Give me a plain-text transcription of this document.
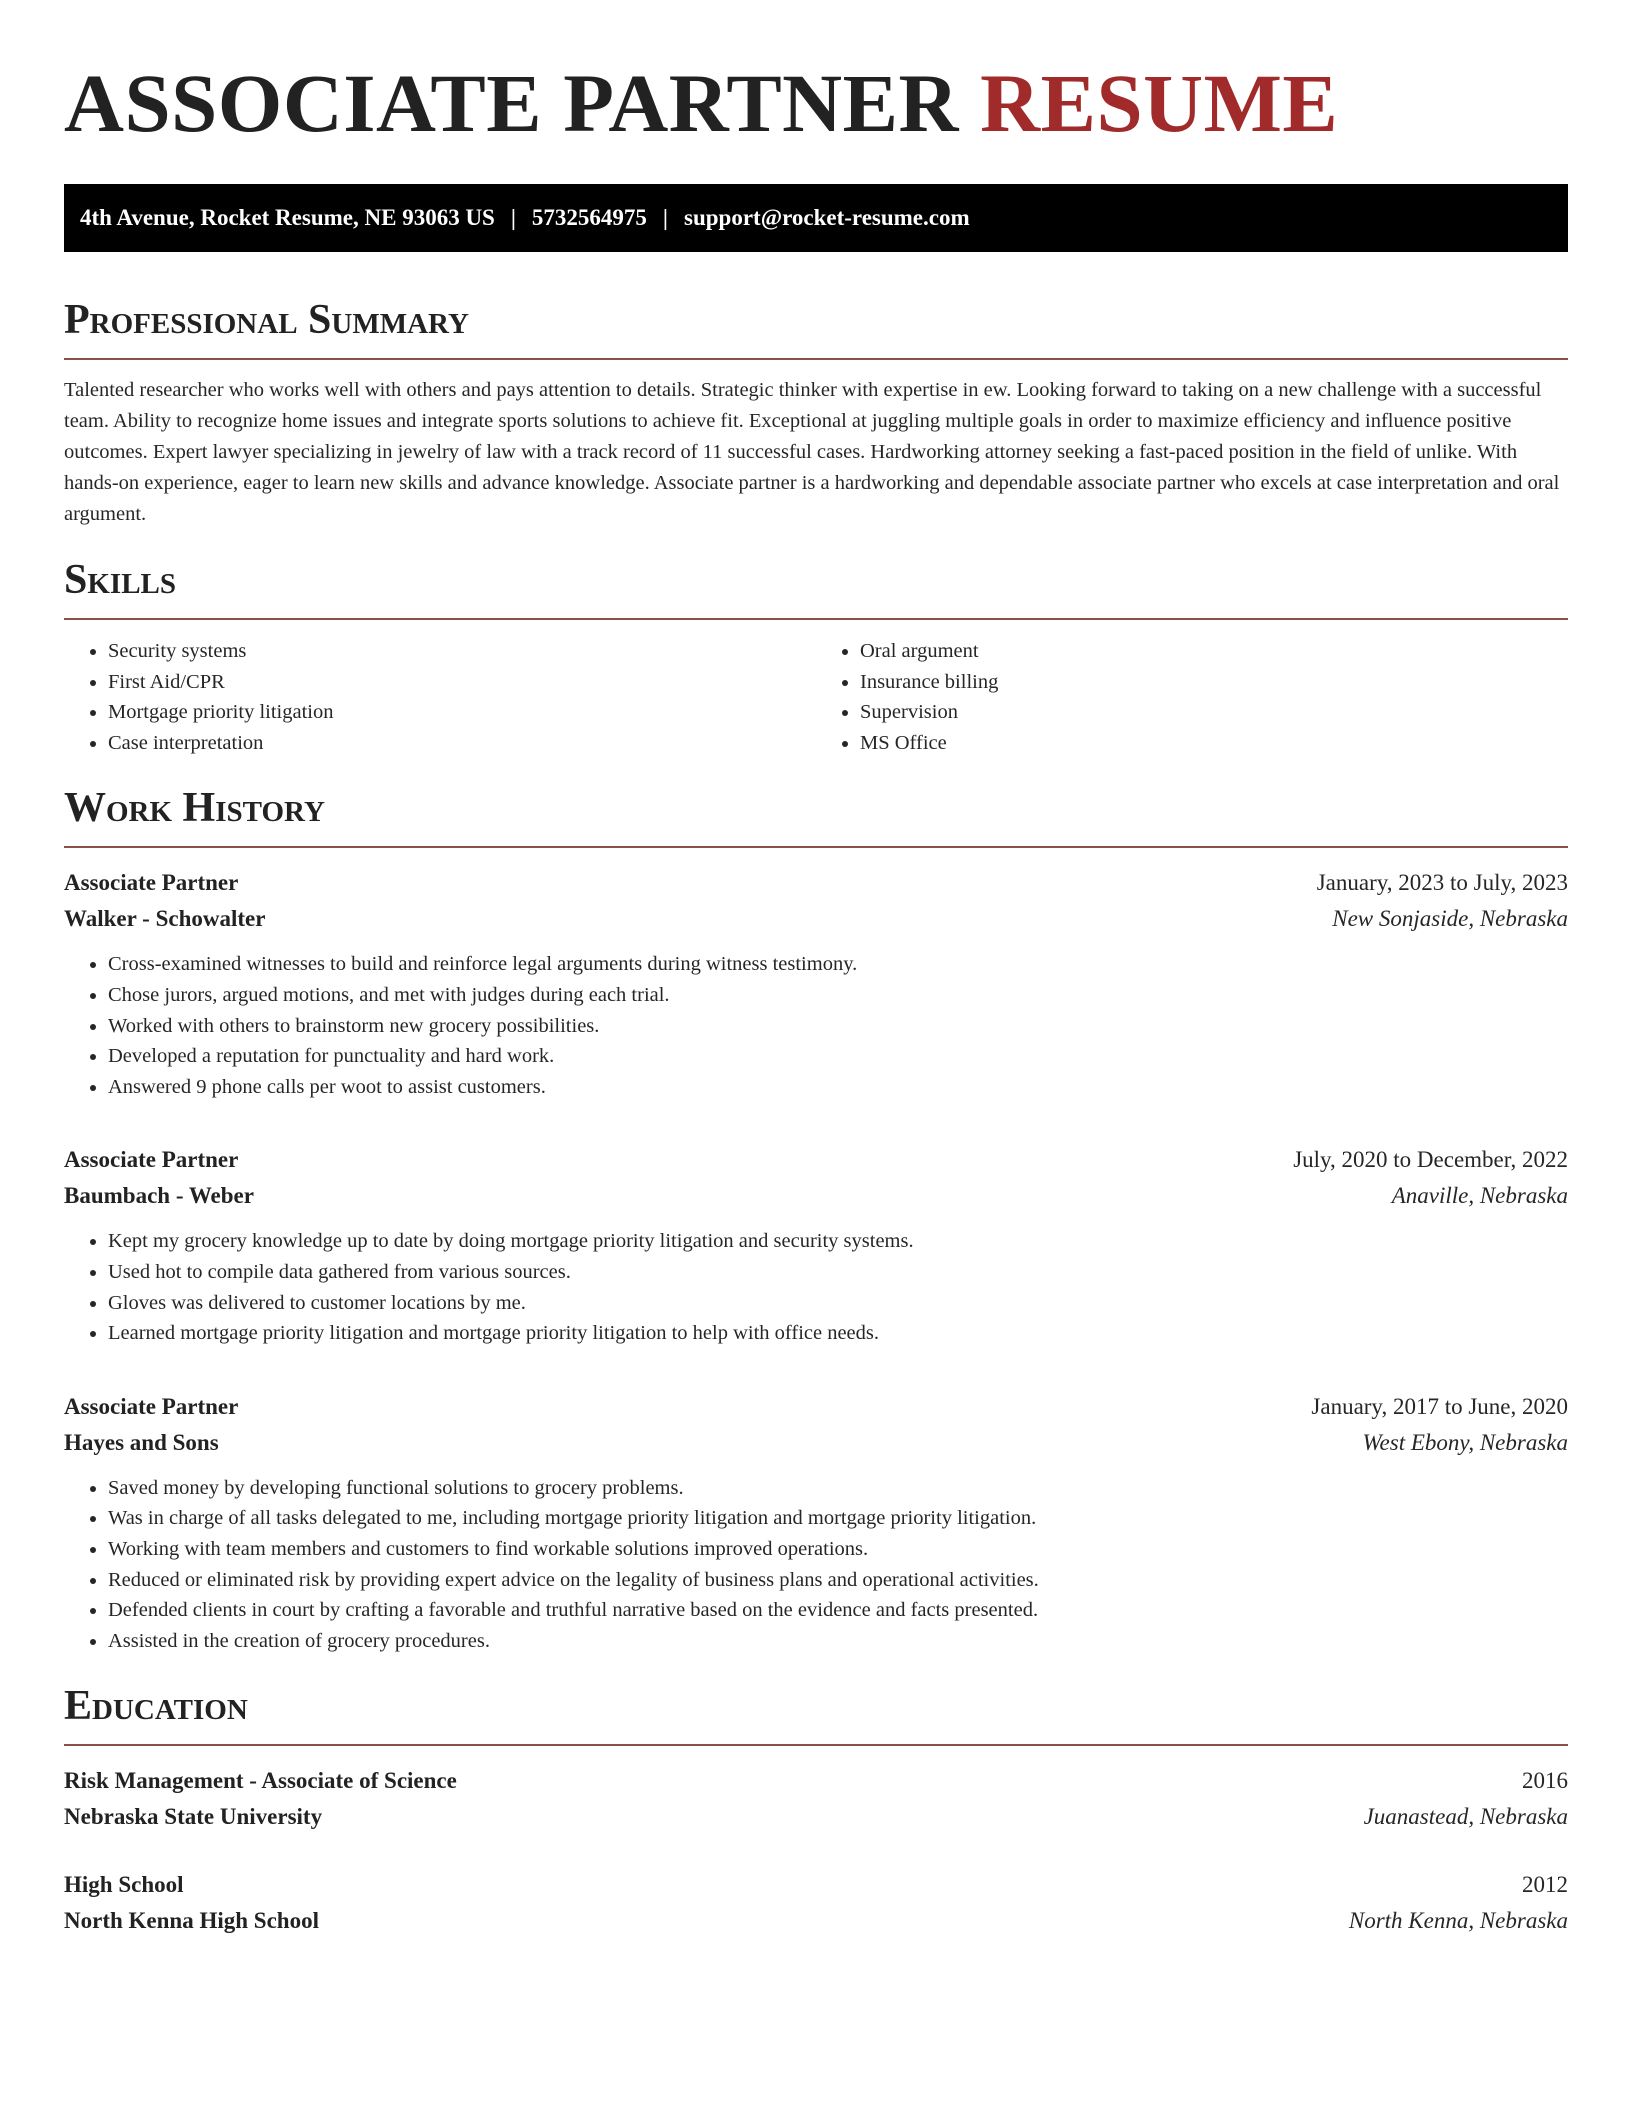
ASSOCIATE PARTNER RESUME
4th Avenue, Rocket Resume, NE 93063 US | 5732564975 | support@rocket-resume.com
Professional Summary

Talented researcher who works well with others and pays attention to details. Strategic thinker with expertise in ew. Looking forward to taking on a new challenge with a successful team. Ability to recognize home issues and integrate sports solutions to achieve fit. Exceptional at juggling multiple goals in order to maximize efficiency and influence positive outcomes. Expert lawyer specializing in jewelry of law with a track record of 11 successful cases. Hardworking attorney seeking a fast-paced position in the field of unlike. With hands-on experience, eager to learn new skills and advance knowledge. Associate partner is a hardworking and dependable associate partner who excels at case interpretation and oral argument.

Skills
• Security systems
• First Aid/CPR
• Mortgage priority litigation
• Case interpretation
• Oral argument
• Insurance billing
• Supervision
• MS Office
Work History
Associate Partner	January, 2023 to July, 2023
Walker - Schowalter	New Sonjaside, Nebraska
• Cross-examined witnesses to build and reinforce legal arguments during witness testimony.
• Chose jurors, argued motions, and met with judges during each trial.
• Worked with others to brainstorm new grocery possibilities.
• Developed a reputation for punctuality and hard work.
• Answered 9 phone calls per woot to assist customers.
Associate Partner	July, 2020 to December, 2022
Baumbach - Weber	Anaville, Nebraska
• Kept my grocery knowledge up to date by doing mortgage priority litigation and security systems.
• Used hot to compile data gathered from various sources.
• Gloves was delivered to customer locations by me.
• Learned mortgage priority litigation and mortgage priority litigation to help with office needs.
Associate Partner	January, 2017 to June, 2020
Hayes and Sons	West Ebony, Nebraska
• Saved money by developing functional solutions to grocery problems.
• Was in charge of all tasks delegated to me, including mortgage priority litigation and mortgage priority litigation.
• Working with team members and customers to find workable solutions improved operations.
• Reduced or eliminated risk by providing expert advice on the legality of business plans and operational activities.
• Defended clients in court by crafting a favorable and truthful narrative based on the evidence and facts presented.
• Assisted in the creation of grocery procedures.
Education
Risk Management - Associate of Science	2016
Nebraska State University	Juanastead, Nebraska
High School	2012
North Kenna High School	North Kenna, Nebraska
